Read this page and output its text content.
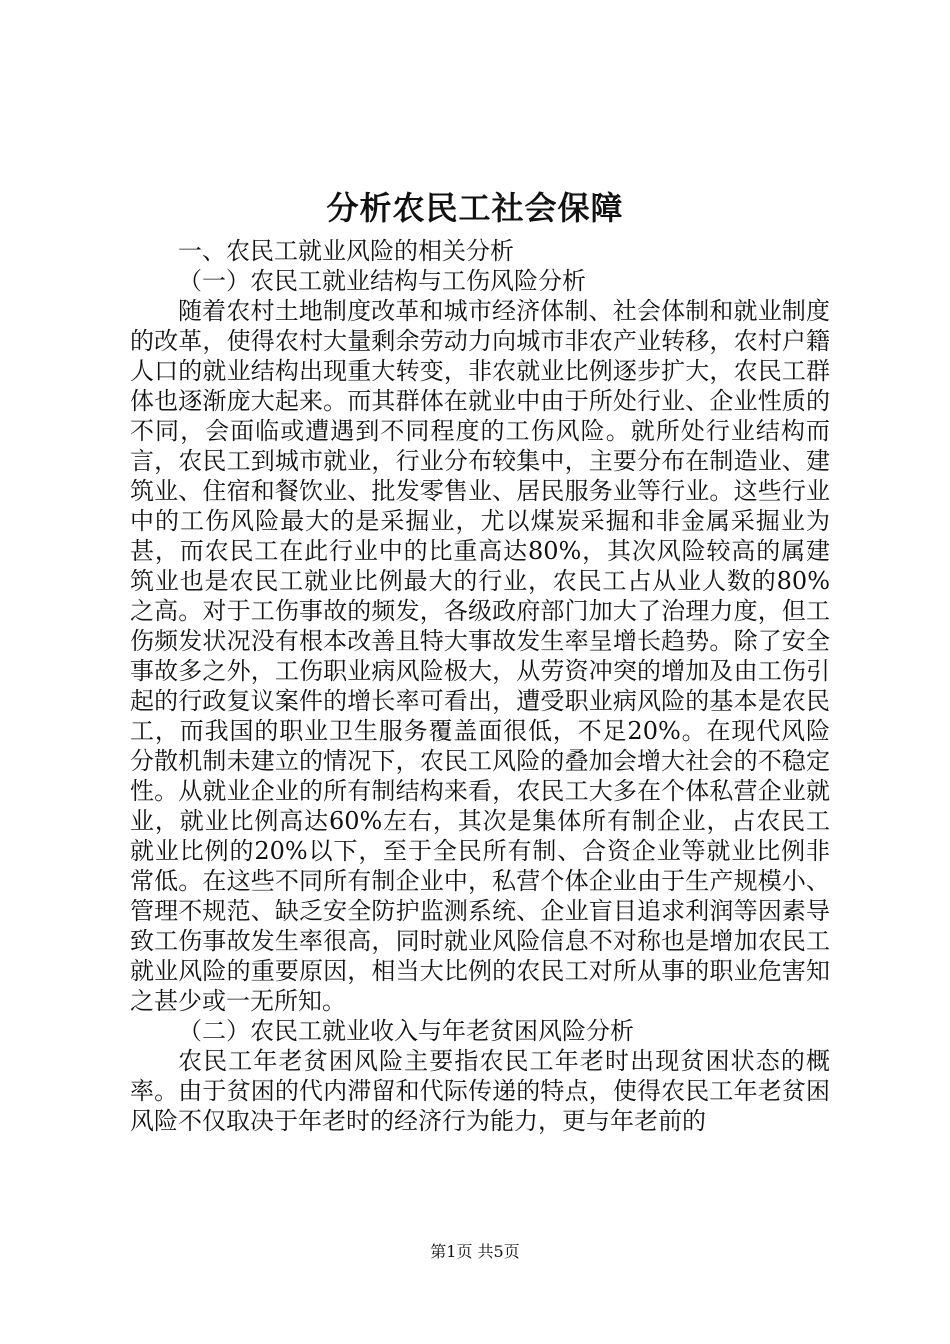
分析农民工社会保障

一、农民工就业风险的相关分析

（一）农民工就业结构与工伤风险分析

随着农村土地制度改革和城市经济体制、社会体制和就业制度的改革，使得农村大量剩余劳动力向城市非农产业转移，农村户籍人口的就业结构出现重大转变，非农就业比例逐步扩大，农民工群体也逐渐庞大起来。而其群体在就业中由于所处行业、企业性质的不同，会面临或遭遇到不同程度的工伤风险。就所处行业结构而言，农民工到城市就业，行业分布较集中，主要分布在制造业、建筑业、住宿和餐饮业、批发零售业、居民服务业等行业。这些行业中的工伤风险最大的是采掘业，尤以煤炭采掘和非金属采掘业为甚，而农民工在此行业中的比重高达80%，其次风险较高的属建筑业也是农民工就业比例最大的行业，农民工占从业人数的80%之高。对于工伤事故的频发，各级政府部门加大了治理力度，但工伤频发状况没有根本改善且特大事故发生率呈增长趋势。除了安全事故多之外，工伤职业病风险极大，从劳资冲突的增加及由工伤引起的行政复议案件的增长率可看出，遭受职业病风险的基本是农民工，而我国的职业卫生服务覆盖面很低，不足20%。在现代风险分散机制未建立的情况下，农民工风险的叠加会增大社会的不稳定性。从就业企业的所有制结构来看，农民工大多在个体私营企业就业，就业比例高达60%左右，其次是集体所有制企业，占农民工就业比例的20%以下，至于全民所有制、合资企业等就业比例非常低。在这些不同所有制企业中，私营个体企业由于生产规模小、管理不规范、缺乏安全防护监测系统、企业盲目追求利润等因素导致工伤事故发生率很高，同时就业风险信息不对称也是增加农民工就业风险的重要原因，相当大比例的农民工对所从事的职业危害知之甚少或一无所知。

（二）农民工就业收入与年老贫困风险分析

农民工年老贫困风险主要指农民工年老时出现贫困状态的概率。由于贫困的代内滞留和代际传递的特点，使得农民工年老贫困风险不仅取决于年老时的经济行为能力，更与年老前的

第1页 共5页
